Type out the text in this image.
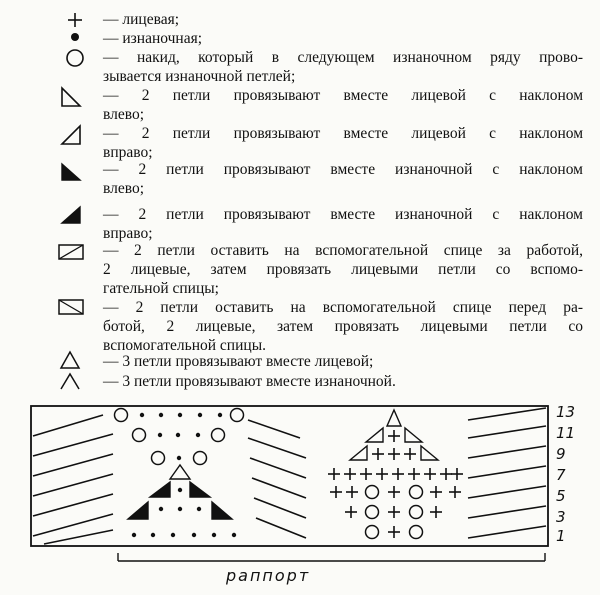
— лицевая;
— изнаночная;
— накид, который в следующем изнаночном ряду прово-
зывается изнаночной петлей;
— 2 петли провязывают вместе лицевой с наклоном
влево;
— 2 петли провязывают вместе лицевой с наклоном
вправо;
— 2 петли провязывают вместе изнаночной с наклоном
влево;
— 2 петли провязывают вместе изнаночной с наклоном
вправо;
— 2 петли оставить на вспомогательной спице за работой,
2 лицевые, затем провязать лицевыми петли со вспомо-
гательной спицы;
— 2 петли оставить на вспомогательной спице перед ра-
ботой, 2 лицевые, затем провязать лицевыми петли со
вспомогательной спицы.
— 3 петли провязывают вместе лицевой;
— 3 петли провязывают вместе изнаночной.
13
11
9
7
5
3
1
раппорт
